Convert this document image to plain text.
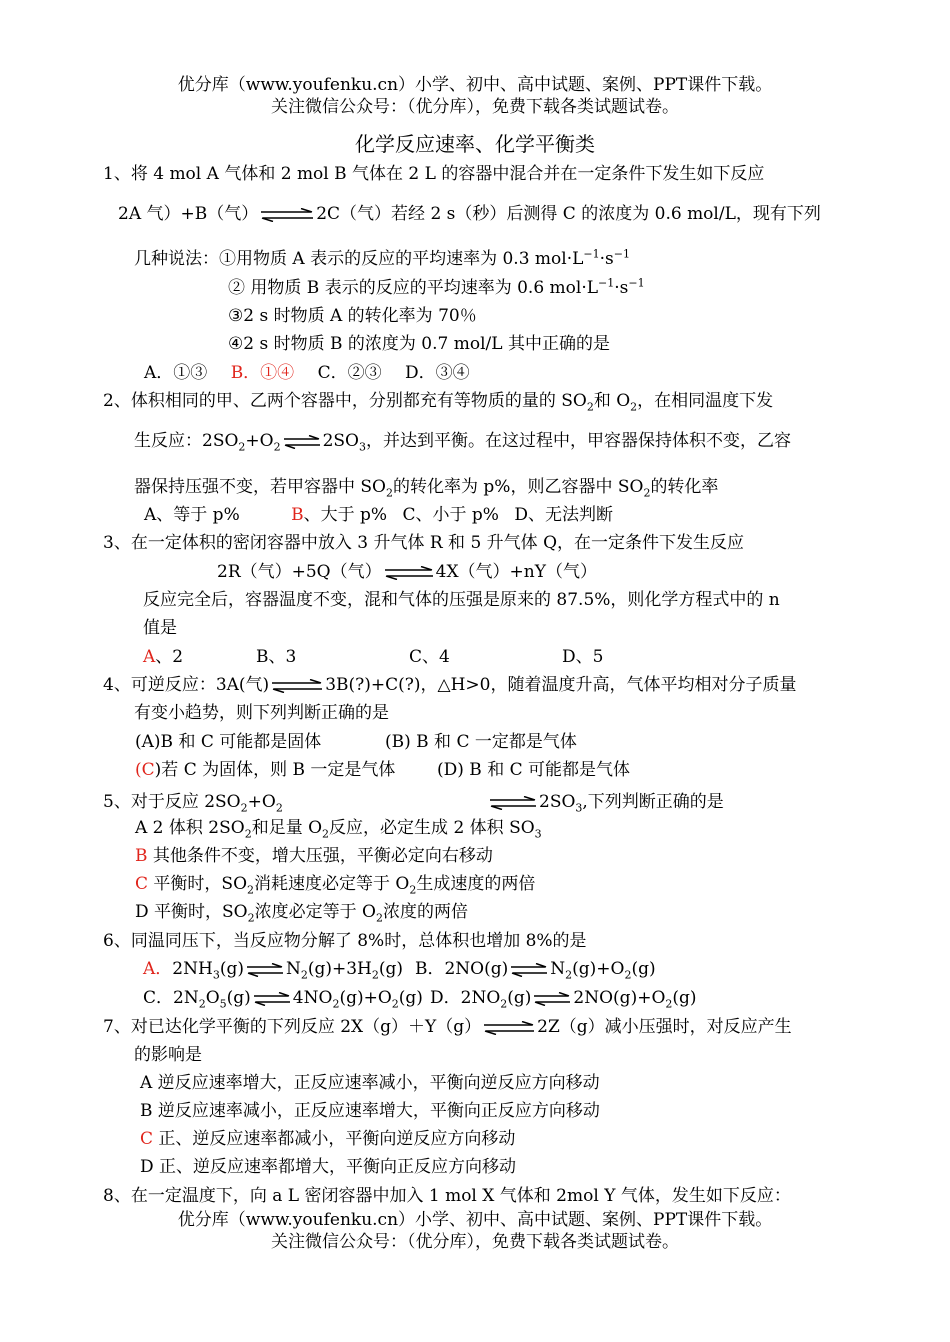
优分库（www.youfenku.cn）小学、初中、高中试题、案例、PPT课件下载。
关注微信公众号：（优分库），免费下载各类试题试卷。
化学反应速率、化学平衡类
1、将 4 mol A 气体和 2 mol B 气体在 2 L 的容器中混合并在一定条件下发生如下反应
2A 气）+B（气）⇌2C（气）若经 2 s（秒）后测得 C 的浓度为 0.6 mol/L，现有下列
几种说法：①用物质 A 表示的反应的平均速率为 0.3 $mol\cdot L^{-1}\cdot s^{-1}$
② 用物质 B 表示的反应的平均速率为 0.6 $mol\cdot L^{-1}\cdot s^{-1}$
③2 s 时物质 A 的转化率为 70％
④2 s 时物质 B 的浓度为 0.7 mol/L 其中正确的是
A．①③ B．①④ C．②③ D．③④
2、体积相同的甲、乙两个容器中，分别都充有等物质的量的 $SO_2$和 $O_2$，在相同温度下发
生反应：$2SO_2+O_2\rightleftharpoons 2SO_3$，并达到平衡。在这过程中，甲容器保持体积不变，乙容
器保持压强不变，若甲容器中 $SO_2$的转化率为 p%，则乙容器中 $SO_2$的转化率
A、等于 p%	B、大于 p% C、小于 p% D、无法判断
3、在一定体积的密闭容器中放入 3 升气体 R 和 5 升气体 Q，在一定条件下发生反应
2R（气）+5Q（气）⇌4X（气）+nY（气）
反应完全后，容器温度不变，混和气体的压强是原来的 87.5%，则化学方程式中的 n
值是
A、2	B、3	C、4	D、5
4、可逆反应：3A(气)⇌3B(?)+C(?)，△H>0，随着温度升高，气体平均相对分子质量
有变小趋势，则下列判断正确的是
(A)B 和 C 可能都是固体	(B) B 和 C 一定都是气体
(C)若 C 为固体，则 B 一定是气体 (D) B 和 C 可能都是气体
5、对于反应 $2SO_2+O_2$	$\rightleftharpoons 2SO_3$,下列判断正确的是
A 2 体积 $2SO_2$和足量 $O_2$反应，必定生成 2 体积 $SO_3$
B 其他条件不变，增大压强，平衡必定向右移动
C 平衡时，$SO_2$消耗速度必定等于 $O_2$生成速度的两倍
D 平衡时，$SO_2$浓度必定等于 $O_2$浓度的两倍
6、同温同压下，当反应物分解了 8%时，总体积也增加 8%的是
A．$2NH_3(g)\rightleftharpoons N_2(g)+3H_2(g)$ B．$2NO(g)\rightleftharpoons N_2(g)+O_2(g)$
C．$2N_2O_5(g)\rightleftharpoons 4NO_2(g)+O_2(g)$ D．$2NO_2(g)\rightleftharpoons 2NO(g)+O_2(g)$
7、对已达化学平衡的下列反应 2X（g）＋Y（g）⇌2Z（g）减小压强时，对反应产生
的影响是
A 逆反应速率增大，正反应速率减小，平衡向逆反应方向移动
B 逆反应速率减小，正反应速率增大，平衡向正反应方向移动
C 正、逆反应速率都减小，平衡向逆反应方向移动
D 正、逆反应速率都增大，平衡向正反应方向移动
8、在一定温度下，向 a L 密闭容器中加入 1 mol X 气体和 2mol Y 气体，发生如下反应：
优分库（www.youfenku.cn）小学、初中、高中试题、案例、PPT课件下载。
关注微信公众号：（优分库），免费下载各类试题试卷。
